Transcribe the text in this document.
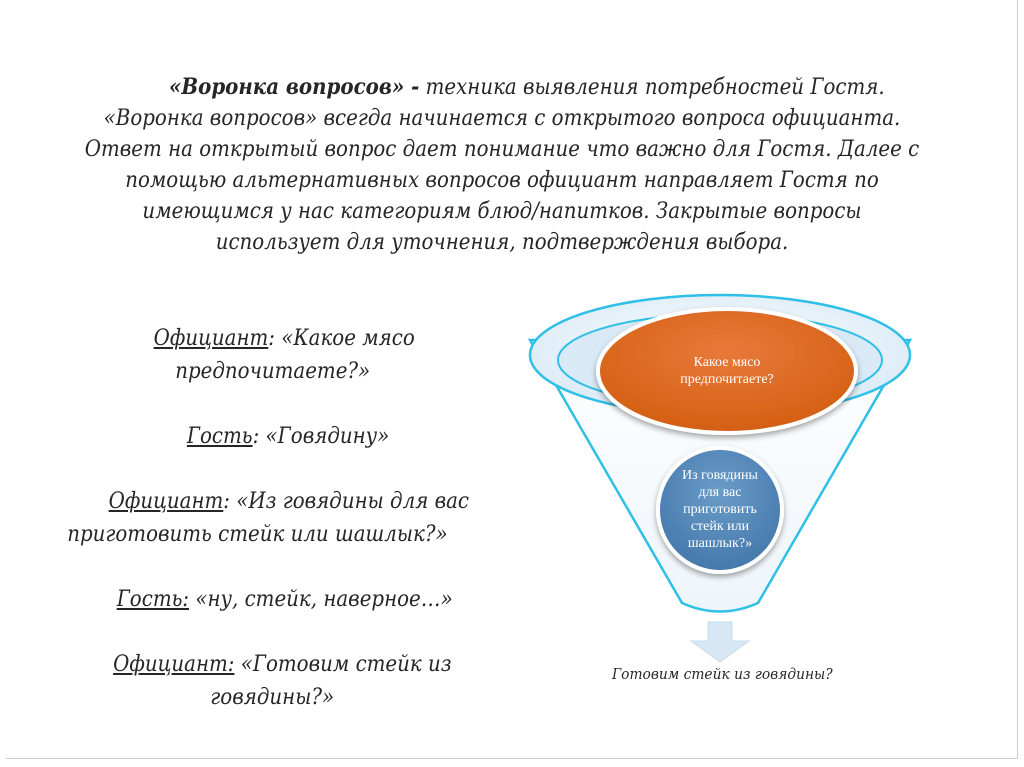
«Воронка вопросов» - техника выявления потребностей Гостя.

«Воронка вопросов» всегда начинается с открытого вопроса официанта.

Ответ на открытый вопрос дает понимание что важно для Гостя. Далее с

помощью альтернативных вопросов официант направляет Гостя по

имеющимся у нас категориям блюд/напитков. Закрытые вопросы

использует для уточнения, подтверждения выбора.

Официант: «Какое мясо

предпочитаете?»

Гость: «Говядину»

Официант: «Из говядины для вас

приготовить стейк или шашлык?»

Гость: «ну, стейк, наверное…»

Официант: «Готовим стейк из

говядины?»

Какое мясо
предпочитаете?
Из говядины
для вас
приготовить
стейк или
шашлык?»
Готовим стейк из говядины?
